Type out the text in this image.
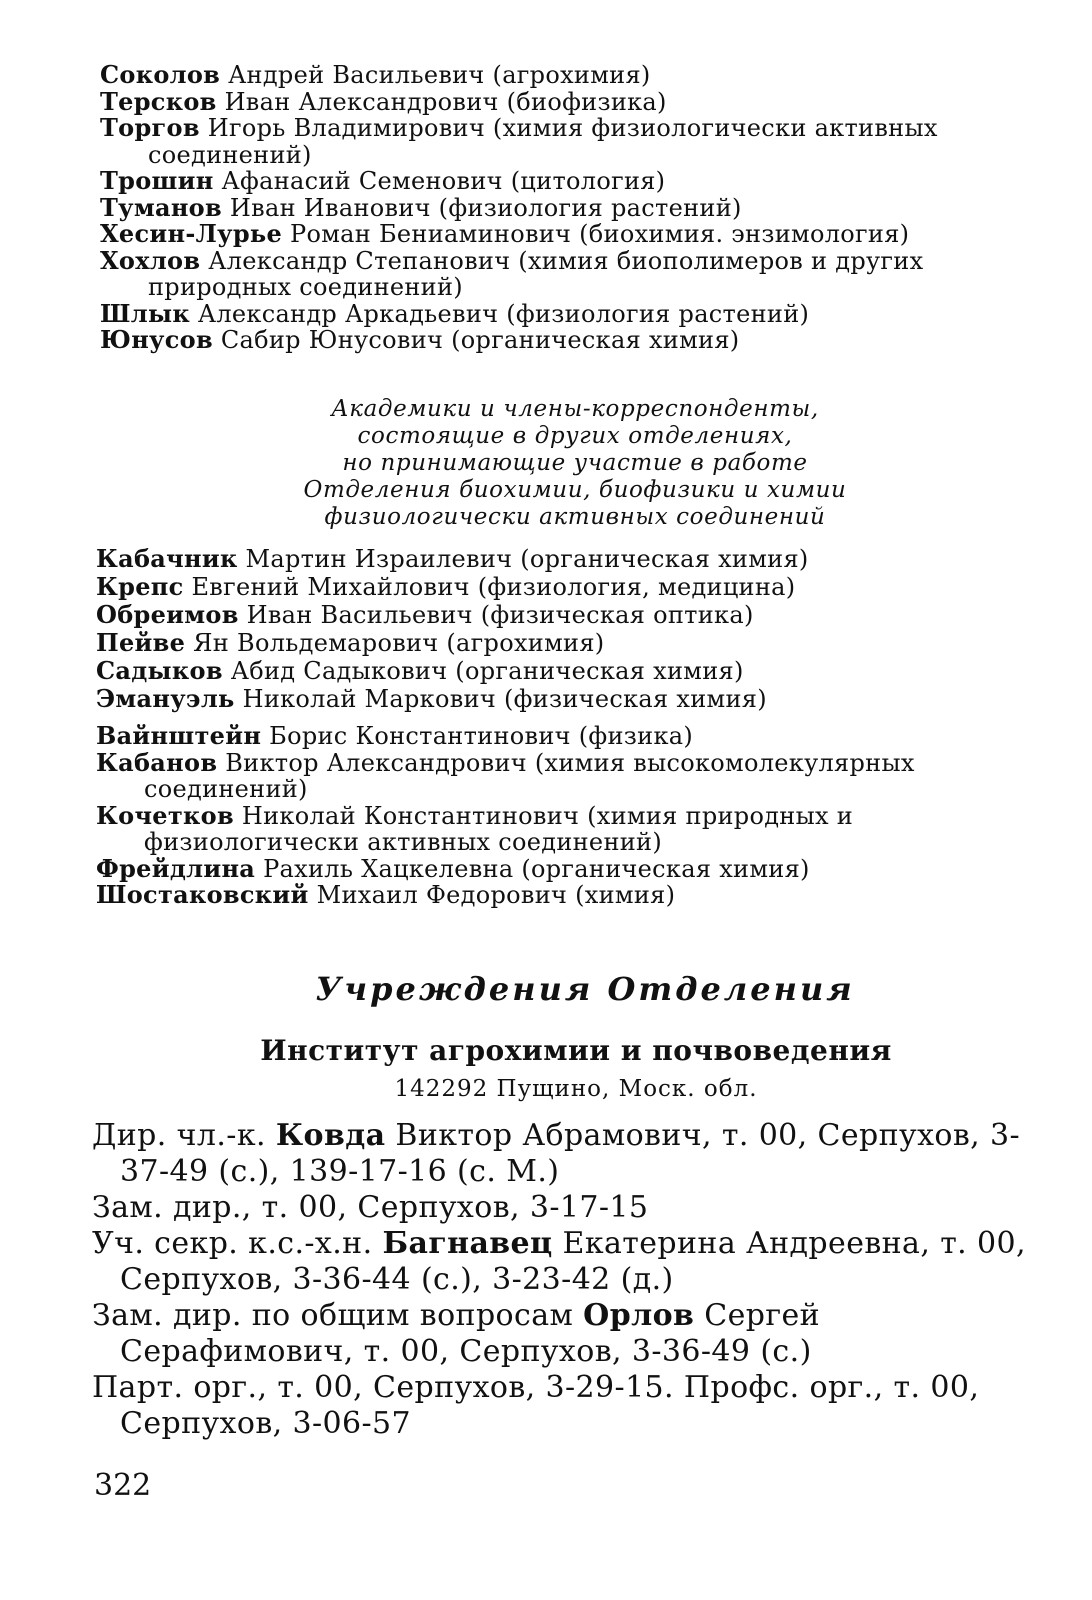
Соколов Андрей Васильевич (агрохимия)
Терсков Иван Александрович (биофизика)
Торгов Игорь Владимирович (химия физиологически активных соединений)
Трошин Афанасий Семенович (цитология)
Туманов Иван Иванович (физиология растений)
Хесин-Лурье Роман Бениаминович (биохимия. энзимология)
Хохлов Александр Степанович (химия биополимеров и других природных соединений)
Шлык Александр Аркадьевич (физиология растений)
Юнусов Сабир Юнусович (органическая химия)
Академики и члены-корреспонденты,
состоящие в других отделениях,
но принимающие участие в работе
Отделения биохимии, биофизики и химии
физиологически активных соединений
Кабачник Мартин Израилевич (органическая химия)
Крепс Евгений Михайлович (физиология, медицина)
Обреимов Иван Васильевич (физическая оптика)
Пейве Ян Вольдемарович (агрохимия)
Садыков Абид Садыкович (органическая химия)
Эмануэль Николай Маркович (физическая химия)
Вайнштейн Борис Константинович (физика)
Кабанов Виктор Александрович (химия высокомолекулярных соединений)
Кочетков Николай Константинович (химия природных и физиологически активных соединений)
Фрейдлина Рахиль Хацкелевна (органическая химия)
Шостаковский Михаил Федорович (химия)
Учреждения Отделения
Институт агрохимии и почвоведения
142292 Пущино, Моск. обл.
Дир. чл.-к. Ковда Виктор Абрамович, т. 00, Серпухов, 3-37-49 (с.), 139-17-16 (с. М.)
Зам. дир., т. 00, Серпухов, 3-17-15
Уч. секр. к.с.-х.н. Багнавец Екатерина Андреевна, т. 00, Серпухов, 3-36-44 (с.), 3-23-42 (д.)
Зам. дир. по общим вопросам Орлов Сергей Серафимович, т. 00, Серпухов, 3-36-49 (с.)
Парт. орг., т. 00, Серпухов, 3-29-15. Профс. орг., т. 00, Серпухов, 3-06-57
322
